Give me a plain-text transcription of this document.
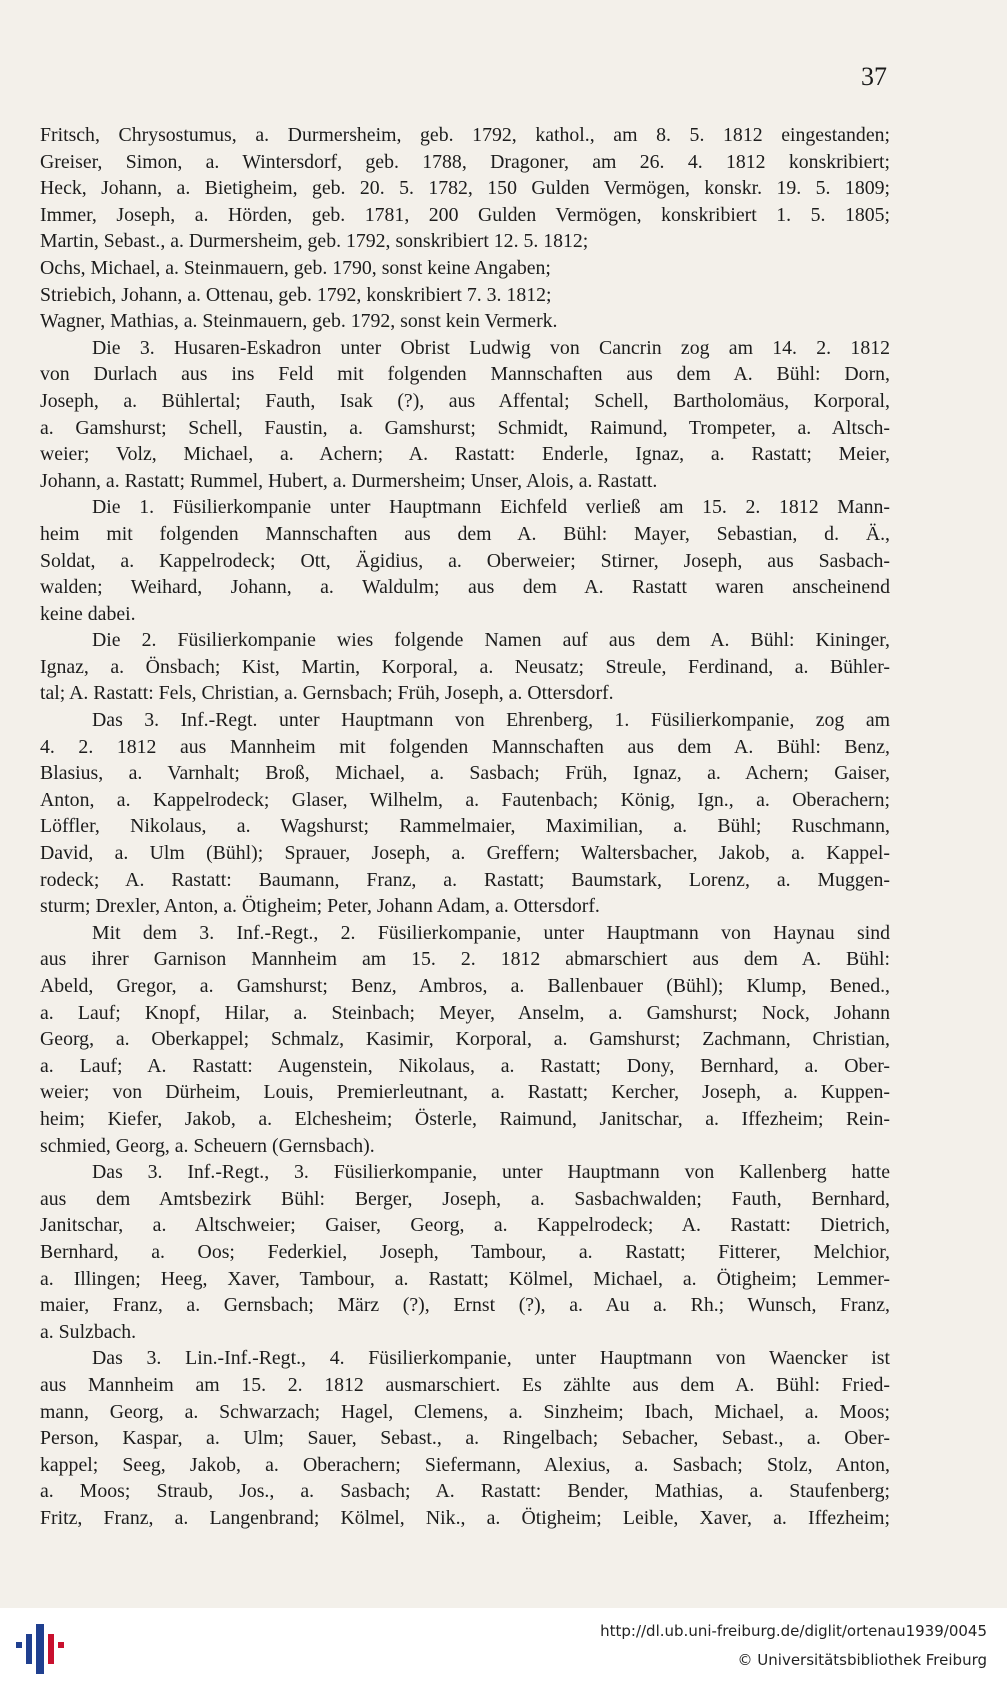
37
Fritsch, Chrysostumus, a. Durmersheim, geb. 1792, kathol., am 8. 5. 1812 eingestanden;
Greiser, Simon, a. Wintersdorf, geb. 1788, Dragoner, am 26. 4. 1812 konskribiert;
Heck, Johann, a. Bietigheim, geb. 20. 5. 1782, 150 Gulden Vermögen, konskr. 19. 5. 1809;
Immer, Joseph, a. Hörden, geb. 1781, 200 Gulden Vermögen, konskribiert 1. 5. 1805;
Martin, Sebast., a. Durmersheim, geb. 1792, sonskribiert 12. 5. 1812;
Ochs, Michael, a. Steinmauern, geb. 1790, sonst keine Angaben;
Striebich, Johann, a. Ottenau, geb. 1792, konskribiert 7. 3. 1812;
Wagner, Mathias, a. Steinmauern, geb. 1792, sonst kein Vermerk.
Die 3. Husaren-Eskadron unter Obrist Ludwig von Cancrin zog am 14. 2. 1812
von Durlach aus ins Feld mit folgenden Mannschaften aus dem A. Bühl: Dorn,
Joseph, a. Bühlertal; Fauth, Isak (?), aus Affental; Schell, Bartholomäus, Korporal,
a. Gamshurst; Schell, Faustin, a. Gamshurst; Schmidt, Raimund, Trompeter, a. Altsch-
weier; Volz, Michael, a. Achern; A. Rastatt: Enderle, Ignaz, a. Rastatt; Meier,
Johann, a. Rastatt; Rummel, Hubert, a. Durmersheim; Unser, Alois, a. Rastatt.
Die 1. Füsilierkompanie unter Hauptmann Eichfeld verließ am 15. 2. 1812 Mann-
heim mit folgenden Mannschaften aus dem A. Bühl: Mayer, Sebastian, d. Ä.,
Soldat, a. Kappelrodeck; Ott, Ägidius, a. Oberweier; Stirner, Joseph, aus Sasbach-
walden; Weihard, Johann, a. Waldulm; aus dem A. Rastatt waren anscheinend
keine dabei.
Die 2. Füsilierkompanie wies folgende Namen auf aus dem A. Bühl: Kininger,
Ignaz, a. Önsbach; Kist, Martin, Korporal, a. Neusatz; Streule, Ferdinand, a. Bühler-
tal; A. Rastatt: Fels, Christian, a. Gernsbach; Früh, Joseph, a. Ottersdorf.
Das 3. Inf.-Regt. unter Hauptmann von Ehrenberg, 1. Füsilierkompanie, zog am
4. 2. 1812 aus Mannheim mit folgenden Mannschaften aus dem A. Bühl: Benz,
Blasius, a. Varnhalt; Broß, Michael, a. Sasbach; Früh, Ignaz, a. Achern; Gaiser,
Anton, a. Kappelrodeck; Glaser, Wilhelm, a. Fautenbach; König, Ign., a. Oberachern;
Löffler, Nikolaus, a. Wagshurst; Rammelmaier, Maximilian, a. Bühl; Ruschmann,
David, a. Ulm (Bühl); Sprauer, Joseph, a. Greffern; Waltersbacher, Jakob, a. Kappel-
rodeck; A. Rastatt: Baumann, Franz, a. Rastatt; Baumstark, Lorenz, a. Muggen-
sturm; Drexler, Anton, a. Ötigheim; Peter, Johann Adam, a. Ottersdorf.
Mit dem 3. Inf.-Regt., 2. Füsilierkompanie, unter Hauptmann von Haynau sind
aus ihrer Garnison Mannheim am 15. 2. 1812 abmarschiert aus dem A. Bühl:
Abeld, Gregor, a. Gamshurst; Benz, Ambros, a. Ballenbauer (Bühl); Klump, Bened.,
a. Lauf; Knopf, Hilar, a. Steinbach; Meyer, Anselm, a. Gamshurst; Nock, Johann
Georg, a. Oberkappel; Schmalz, Kasimir, Korporal, a. Gamshurst; Zachmann, Christian,
a. Lauf; A. Rastatt: Augenstein, Nikolaus, a. Rastatt; Dony, Bernhard, a. Ober-
weier; von Dürheim, Louis, Premierleutnant, a. Rastatt; Kercher, Joseph, a. Kuppen-
heim; Kiefer, Jakob, a. Elchesheim; Österle, Raimund, Janitschar, a. Iffezheim; Rein-
schmied, Georg, a. Scheuern (Gernsbach).
Das 3. Inf.-Regt., 3. Füsilierkompanie, unter Hauptmann von Kallenberg hatte
aus dem Amtsbezirk Bühl: Berger, Joseph, a. Sasbachwalden; Fauth, Bernhard,
Janitschar, a. Altschweier; Gaiser, Georg, a. Kappelrodeck; A. Rastatt: Dietrich,
Bernhard, a. Oos; Federkiel, Joseph, Tambour, a. Rastatt; Fitterer, Melchior,
a. Illingen; Heeg, Xaver, Tambour, a. Rastatt; Kölmel, Michael, a. Ötigheim; Lemmer-
maier, Franz, a. Gernsbach; März (?), Ernst (?), a. Au a. Rh.; Wunsch, Franz,
a. Sulzbach.
Das 3. Lin.-Inf.-Regt., 4. Füsilierkompanie, unter Hauptmann von Waencker ist
aus Mannheim am 15. 2. 1812 ausmarschiert. Es zählte aus dem A. Bühl: Fried-
mann, Georg, a. Schwarzach; Hagel, Clemens, a. Sinzheim; Ibach, Michael, a. Moos;
Person, Kaspar, a. Ulm; Sauer, Sebast., a. Ringelbach; Sebacher, Sebast., a. Ober-
kappel; Seeg, Jakob, a. Oberachern; Siefermann, Alexius, a. Sasbach; Stolz, Anton,
a. Moos; Straub, Jos., a. Sasbach; A. Rastatt: Bender, Mathias, a. Staufenberg;
Fritz, Franz, a. Langenbrand; Kölmel, Nik., a. Ötigheim; Leible, Xaver, a. Iffezheim;
http://dl.ub.uni-freiburg.de/diglit/ortenau1939/0045
© Universitätsbibliothek Freiburg
